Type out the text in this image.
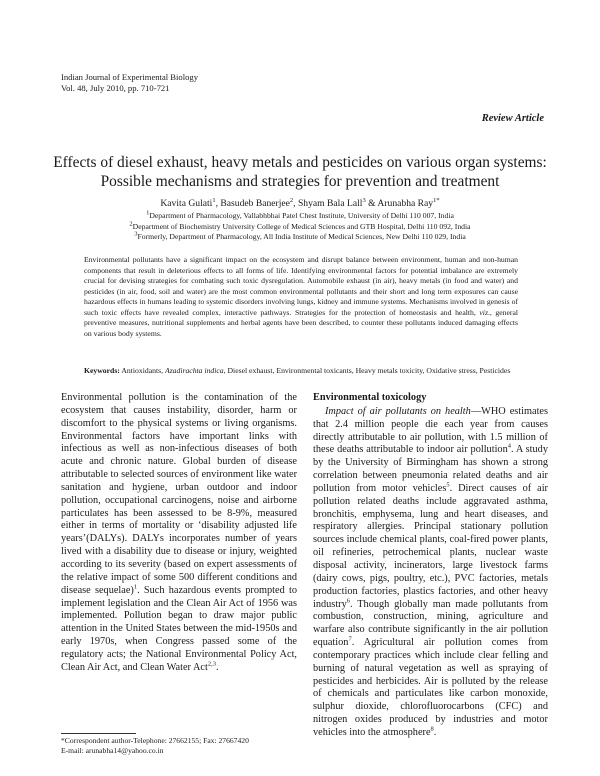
Indian Journal of Experimental Biology
Vol. 48, July 2010, pp. 710-721
Review Article
Effects of diesel exhaust, heavy metals and pesticides on various organ systems:
Possible mechanisms and strategies for prevention and treatment
Kavita Gulati$^1$, Basudeb Banerjee$^2$, Shyam Bala Lall$^3$ & Arunabha Ray$^{1*}$
$^1$Department of Pharmacology, Vallabhbhai Patel Chest Institute, University of Delhi 110 007, India
$^2$Department of Biochemistry University College of Medical Sciences and GTB Hospital, Delhi 110 092, India
$^3$Formerly, Department of Pharmacology, All India Institute of Medical Sciences, New Delhi 110 029, India
Environmental pollutants have a significant impact on the ecosystem and disrupt balance between environment, human and non-human components that result in deleterious effects to all forms of life. Identifying environmental factors for potential imbalance are extremely crucial for devising strategies for combating such toxic dysregulation. Automobile exhaust (in air), heavy metals (in food and water) and pesticides (in air, food, soil and water) are the most common environmental pollutants and their short and long term exposures can cause hazardous effects in humans leading to systemic disorders involving lungs, kidney and immune systems. Mechanisms involved in genesis of such toxic effects have revealed complex, interactive pathways. Strategies for the protection of homeostasis and health, viz., general preventive measures, nutritional supplements and herbal agents have been described, to counter these pollutants induced damaging effects on various body systems.
Keywords: Antioxidants, Azadirachta indica, Diesel exhaust, Environmental toxicants, Heavy metals toxicity, Oxidative stress, Pesticides
Environmental pollution is the contamination of the ecosystem that causes instability, disorder, harm or discomfort to the physical systems or living organisms. Environmental factors have important links with infectious as well as non-infectious diseases of both acute and chronic nature. Global burden of disease attributable to selected sources of environment like water sanitation and hygiene, urban outdoor and indoor pollution, occupational carcinogens, noise and airborne particulates has been assessed to be 8-9%, measured either in terms of mortality or ‘disability adjusted life years’(DALYs). DALYs incorporates number of years lived with a disability due to disease or injury, weighted according to its severity (based on expert assessments of the relative impact of some 500 different conditions and disease sequelae)$^1$. Such hazardous events prompted to implement legislation and the Clean Air Act of 1956 was implemented. Pollution began to draw major public attention in the United States between the mid-1950s and early 1970s, when Congress passed some of the regulatory acts; the National Environmental Policy Act, Clean Air Act, and Clean Water Act$^{2,3}$.
Environmental toxicology
Impact of air pollutants on health—WHO estimates that 2.4 million people die each year from causes directly attributable to air pollution, with 1.5 million of these deaths attributable to indoor air pollution$^4$. A study by the University of Birmingham has shown a strong correlation between pneumonia related deaths and air pollution from motor vehicles$^5$. Direct causes of air pollution related deaths include aggravated asthma, bronchitis, emphysema, lung and heart diseases, and respiratory allergies. Principal stationary pollution sources include chemical plants, coal-fired power plants, oil refineries, petrochemical plants, nuclear waste disposal activity, incinerators, large livestock farms (dairy cows, pigs, poultry, etc.), PVC factories, metals production factories, plastics factories, and other heavy industry$^6$. Though globally man made pollutants from combustion, construction, mining, agriculture and warfare also contribute significantly in the air pollution equation$^7$. Agricultural air pollution comes from contemporary practices which include clear felling and burning of natural vegetation as well as spraying of pesticides and herbicides. Air is polluted by the release of chemicals and particulates like carbon monoxide, sulphur dioxide, chlorofluorocarbons (CFC) and nitrogen oxides produced by industries and motor vehicles into the atmosphere$^8$.
*Correspondent author-Telephone: 27662155; Fax: 27667420
E-mail: arunabha14@yahoo.co.in
